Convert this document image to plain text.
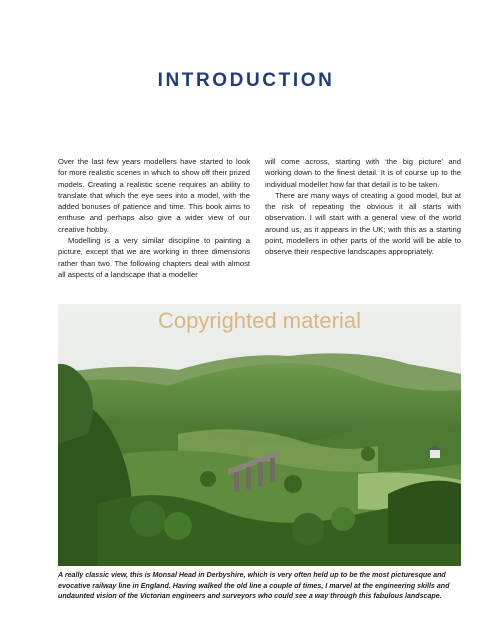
INTRODUCTION

Over the last few years modellers have started to look for more realistic scenes in which to show off their prized models. Creating a realistic scene requires an ability to translate that which the eye sees into a model, with the added bonuses of patience and time. This book aims to enthuse and perhaps also give a wider view of our creative hobby.

Modelling is a very similar discipline to painting a picture, except that we are working in three dimensions rather than two. The following chapters deal with almost all aspects of a landscape that a modeller

will come across, starting with ‘the big picture’ and working down to the finest detail. It is of course up to the individual modeller how far that detail is to be taken.

There are many ways of creating a good model, but at the risk of repeating the obvious it all starts with observation. I will start with a general view of the world around us, as it appears in the UK; with this as a starting point, modellers in other parts of the world will be able to observe their respective landscapes appropriately.

Copyrighted material
A really classic view, this is Monsal Head in Derbyshire, which is very often held up to be the most picturesque and evocative railway line in England. Having walked the old line a couple of times, I marvel at the engineering skills and undaunted vision of the Victorian engineers and surveyors who could see a way through this fabulous landscape.
